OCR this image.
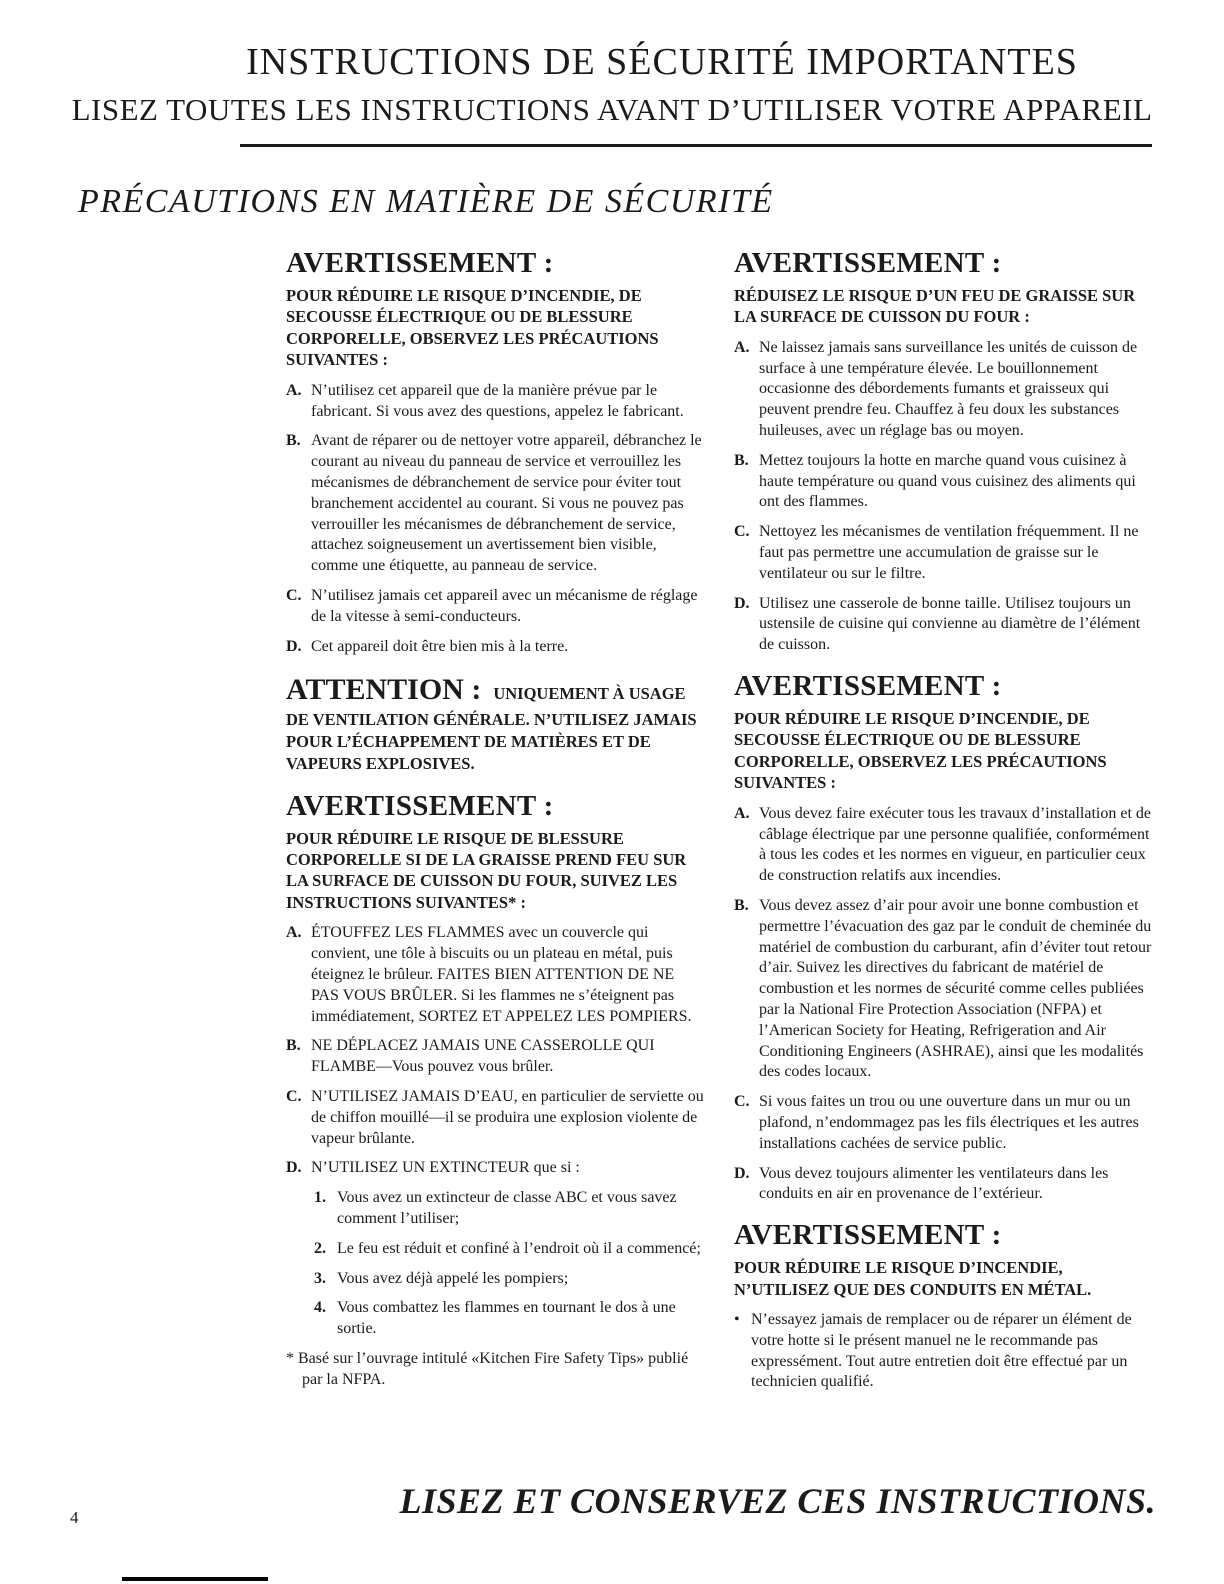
INSTRUCTIONS DE SÉCURITÉ IMPORTANTES
LISEZ TOUTES LES INSTRUCTIONS AVANT D’UTILISER VOTRE APPAREIL
PRÉCAUTIONS EN MATIÈRE DE SÉCURITÉ
AVERTISSEMENT :

POUR RÉDUIRE LE RISQUE D’INCENDIE, DE SECOUSSE ÉLECTRIQUE OU DE BLESSURE CORPORELLE, OBSERVEZ LES PRÉCAUTIONS SUIVANTES :

A. N’utilisez cet appareil que de la manière prévue par le fabricant. Si vous avez des questions, appelez le fabricant.
B. Avant de réparer ou de nettoyer votre appareil, débranchez le courant au niveau du panneau de service et verrouillez les mécanismes de débranchement de service pour éviter tout branchement accidentel au courant. Si vous ne pouvez pas verrouiller les mécanismes de débranchement de service, attachez soigneusement un avertissement bien visible, comme une étiquette, au panneau de service.
C. N’utilisez jamais cet appareil avec un mécanisme de réglage de la vitesse à semi-conducteurs.
D. Cet appareil doit être bien mis à la terre.

ATTENTION : UNIQUEMENT À USAGE DE VENTILATION GÉNÉRALE. N’UTILISEZ JAMAIS POUR L’ÉCHAPPEMENT DE MATIÈRES ET DE VAPEURS EXPLOSIVES.

AVERTISSEMENT :

POUR RÉDUIRE LE RISQUE DE BLESSURE CORPORELLE SI DE LA GRAISSE PREND FEU SUR LA SURFACE DE CUISSON DU FOUR, SUIVEZ LES INSTRUCTIONS SUIVANTES* :

A. ÉTOUFFEZ LES FLAMMES avec un couvercle qui convient, une tôle à biscuits ou un plateau en métal, puis éteignez le brûleur. FAITES BIEN ATTENTION DE NE PAS VOUS BRÛLER. Si les flammes ne s’éteignent pas immédiatement, SORTEZ ET APPELEZ LES POMPIERS.
B. NE DÉPLACEZ JAMAIS UNE CASSEROLLE QUI FLAMBE—Vous pouvez vous brûler.
C. N’UTILISEZ JAMAIS D’EAU, en particulier de serviette ou de chiffon mouillé—il se produira une explosion violente de vapeur brûlante.
D. N’UTILISEZ UN EXTINCTEUR que si :
1. Vous avez un extincteur de classe ABC et vous savez comment l’utiliser;
2. Le feu est réduit et confiné à l’endroit où il a commencé;
3. Vous avez déjà appelé les pompiers;
4. Vous combattez les flammes en tournant le dos à une sortie.

* Basé sur l’ouvrage intitulé «Kitchen Fire Safety Tips» publié par la NFPA.

AVERTISSEMENT :

RÉDUISEZ LE RISQUE D’UN FEU DE GRAISSE SUR LA SURFACE DE CUISSON DU FOUR :

A. Ne laissez jamais sans surveillance les unités de cuisson de surface à une température élevée. Le bouillonnement occasionne des débordements fumants et graisseux qui peuvent prendre feu. Chauffez à feu doux les substances huileuses, avec un réglage bas ou moyen.
B. Mettez toujours la hotte en marche quand vous cuisinez à haute température ou quand vous cuisinez des aliments qui ont des flammes.
C. Nettoyez les mécanismes de ventilation fréquemment. Il ne faut pas permettre une accumulation de graisse sur le ventilateur ou sur le filtre.
D. Utilisez une casserole de bonne taille. Utilisez toujours un ustensile de cuisine qui convienne au diamètre de l’élément de cuisson.
AVERTISSEMENT :

POUR RÉDUIRE LE RISQUE D’INCENDIE, DE SECOUSSE ÉLECTRIQUE OU DE BLESSURE CORPORELLE, OBSERVEZ LES PRÉCAUTIONS SUIVANTES :

A. Vous devez faire exécuter tous les travaux d’installation et de câblage électrique par une personne qualifiée, conformément à tous les codes et les normes en vigueur, en particulier ceux de construction relatifs aux incendies.
B. Vous devez assez d’air pour avoir une bonne combustion et permettre l’évacuation des gaz par le conduit de cheminée du matériel de combustion du carburant, afin d’éviter tout retour d’air. Suivez les directives du fabricant de matériel de combustion et les normes de sécurité comme celles publiées par la National Fire Protection Association (NFPA) et l’American Society for Heating, Refrigeration and Air Conditioning Engineers (ASHRAE), ainsi que les modalités des codes locaux.
C. Si vous faites un trou ou une ouverture dans un mur ou un plafond, n’endommagez pas les fils électriques et les autres installations cachées de service public.
D. Vous devez toujours alimenter les ventilateurs dans les conduits en air en provenance de l’extérieur.
AVERTISSEMENT :

POUR RÉDUIRE LE RISQUE D’INCENDIE, N’UTILISEZ QUE DES CONDUITS EN MÉTAL.

• N’essayez jamais de remplacer ou de réparer un élément de votre hotte si le présent manuel ne le recommande pas expressément. Tout autre entretien doit être effectué par un technicien qualifié.
LISEZ ET CONSERVEZ CES INSTRUCTIONS.
4
